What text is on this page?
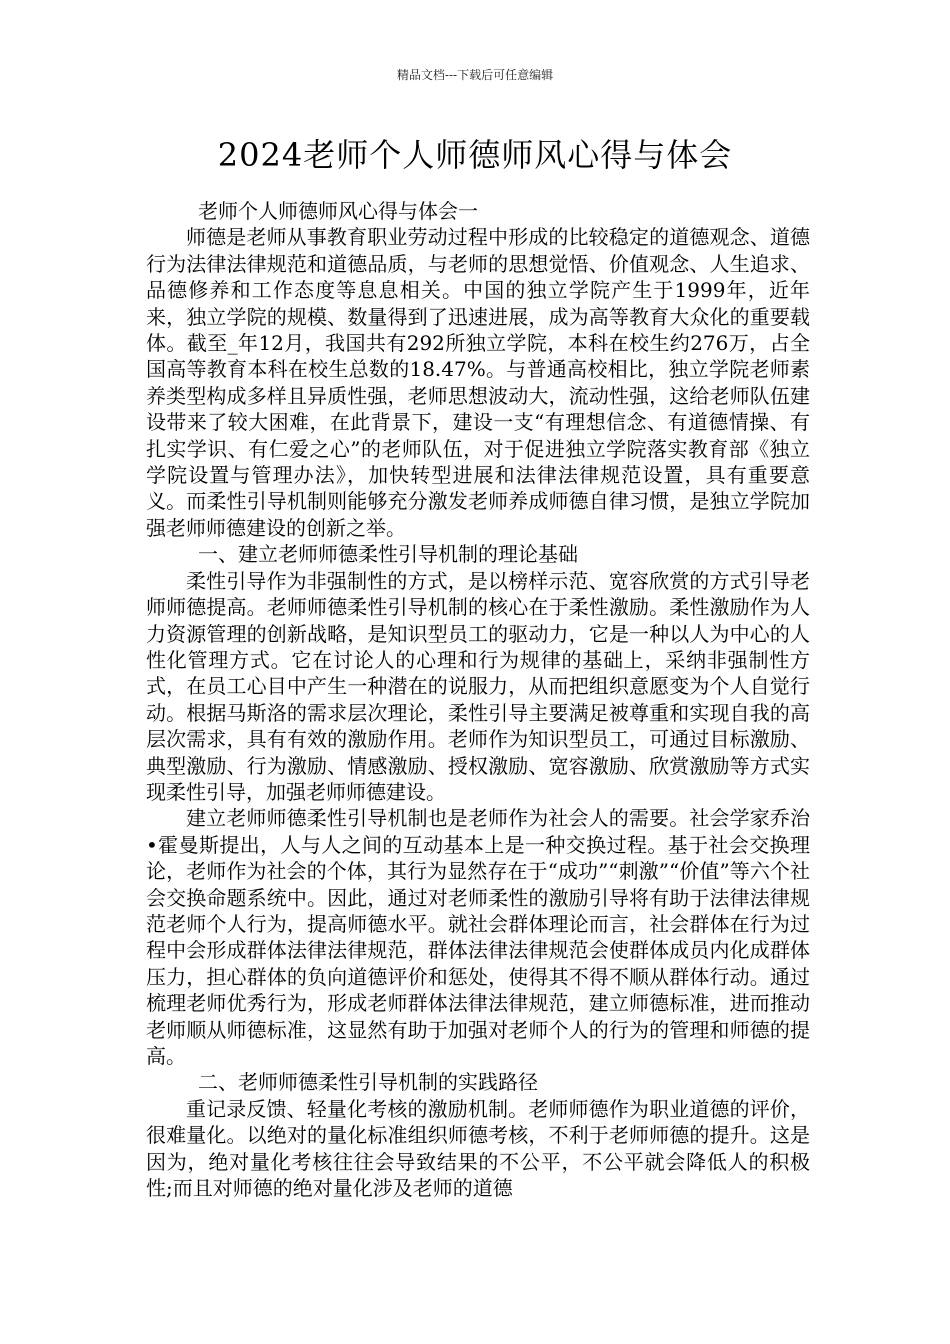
精品文档---下载后可任意编辑
2024老师个人师德师风心得与体会

老师个人师德师风心得与体会一

师德是老师从事教育职业劳动过程中形成的比较稳定的道德观念、道德行为法律法律规范和道德品质，与老师的思想觉悟、价值观念、人生追求、品德修养和工作态度等息息相关。中国的独立学院产生于1999年，近年来，独立学院的规模、数量得到了迅速进展，成为高等教育大众化的重要载体。截至_年12月，我国共有292所独立学院，本科在校生约276万，占全国高等教育本科在校生总数的18.47%。与普通高校相比，独立学院老师素养类型构成多样且异质性强，老师思想波动大，流动性强，这给老师队伍建设带来了较大困难，在此背景下，建设一支“有理想信念、有道德情操、有扎实学识、有仁爱之心”的老师队伍，对于促进独立学院落实教育部《独立学院设置与管理办法》，加快转型进展和法律法律规范设置，具有重要意义。而柔性引导机制则能够充分激发老师养成师德自律习惯，是独立学院加强老师师德建设的创新之举。

一、建立老师师德柔性引导机制的理论基础

柔性引导作为非强制性的方式，是以榜样示范、宽容欣赏的方式引导老师师德提高。老师师德柔性引导机制的核心在于柔性激励。柔性激励作为人力资源管理的创新战略，是知识型员工的驱动力，它是一种以人为中心的人性化管理方式。它在讨论人的心理和行为规律的基础上，采纳非强制性方式，在员工心目中产生一种潜在的说服力，从而把组织意愿变为个人自觉行动。根据马斯洛的需求层次理论，柔性引导主要满足被尊重和实现自我的高层次需求，具有有效的激励作用。老师作为知识型员工，可通过目标激励、典型激励、行为激励、情感激励、授权激励、宽容激励、欣赏激励等方式实现柔性引导，加强老师师德建设。

建立老师师德柔性引导机制也是老师作为社会人的需要。社会学家乔治•霍曼斯提出，人与人之间的互动基本上是一种交换过程。基于社会交换理论，老师作为社会的个体，其行为显然存在于“成功”“刺激”“价值”等六个社会交换命题系统中。因此，通过对老师柔性的激励引导将有助于法律法律规范老师个人行为，提高师德水平。就社会群体理论而言，社会群体在行为过程中会形成群体法律法律规范，群体法律法律规范会使群体成员内化成群体压力，担心群体的负向道德评价和惩处，使得其不得不顺从群体行动。通过梳理老师优秀行为，形成老师群体法律法律规范，建立师德标准，进而推动老师顺从师德标准，这显然有助于加强对老师个人的行为的管理和师德的提高。

二、老师师德柔性引导机制的实践路径

重记录反馈、轻量化考核的激励机制。老师师德作为职业道德的评价，很难量化。以绝对的量化标准组织师德考核，不利于老师师德的提升。这是因为，绝对量化考核往往会导致结果的不公平，不公平就会降低人的积极性;而且对师德的绝对量化涉及老师的道德
